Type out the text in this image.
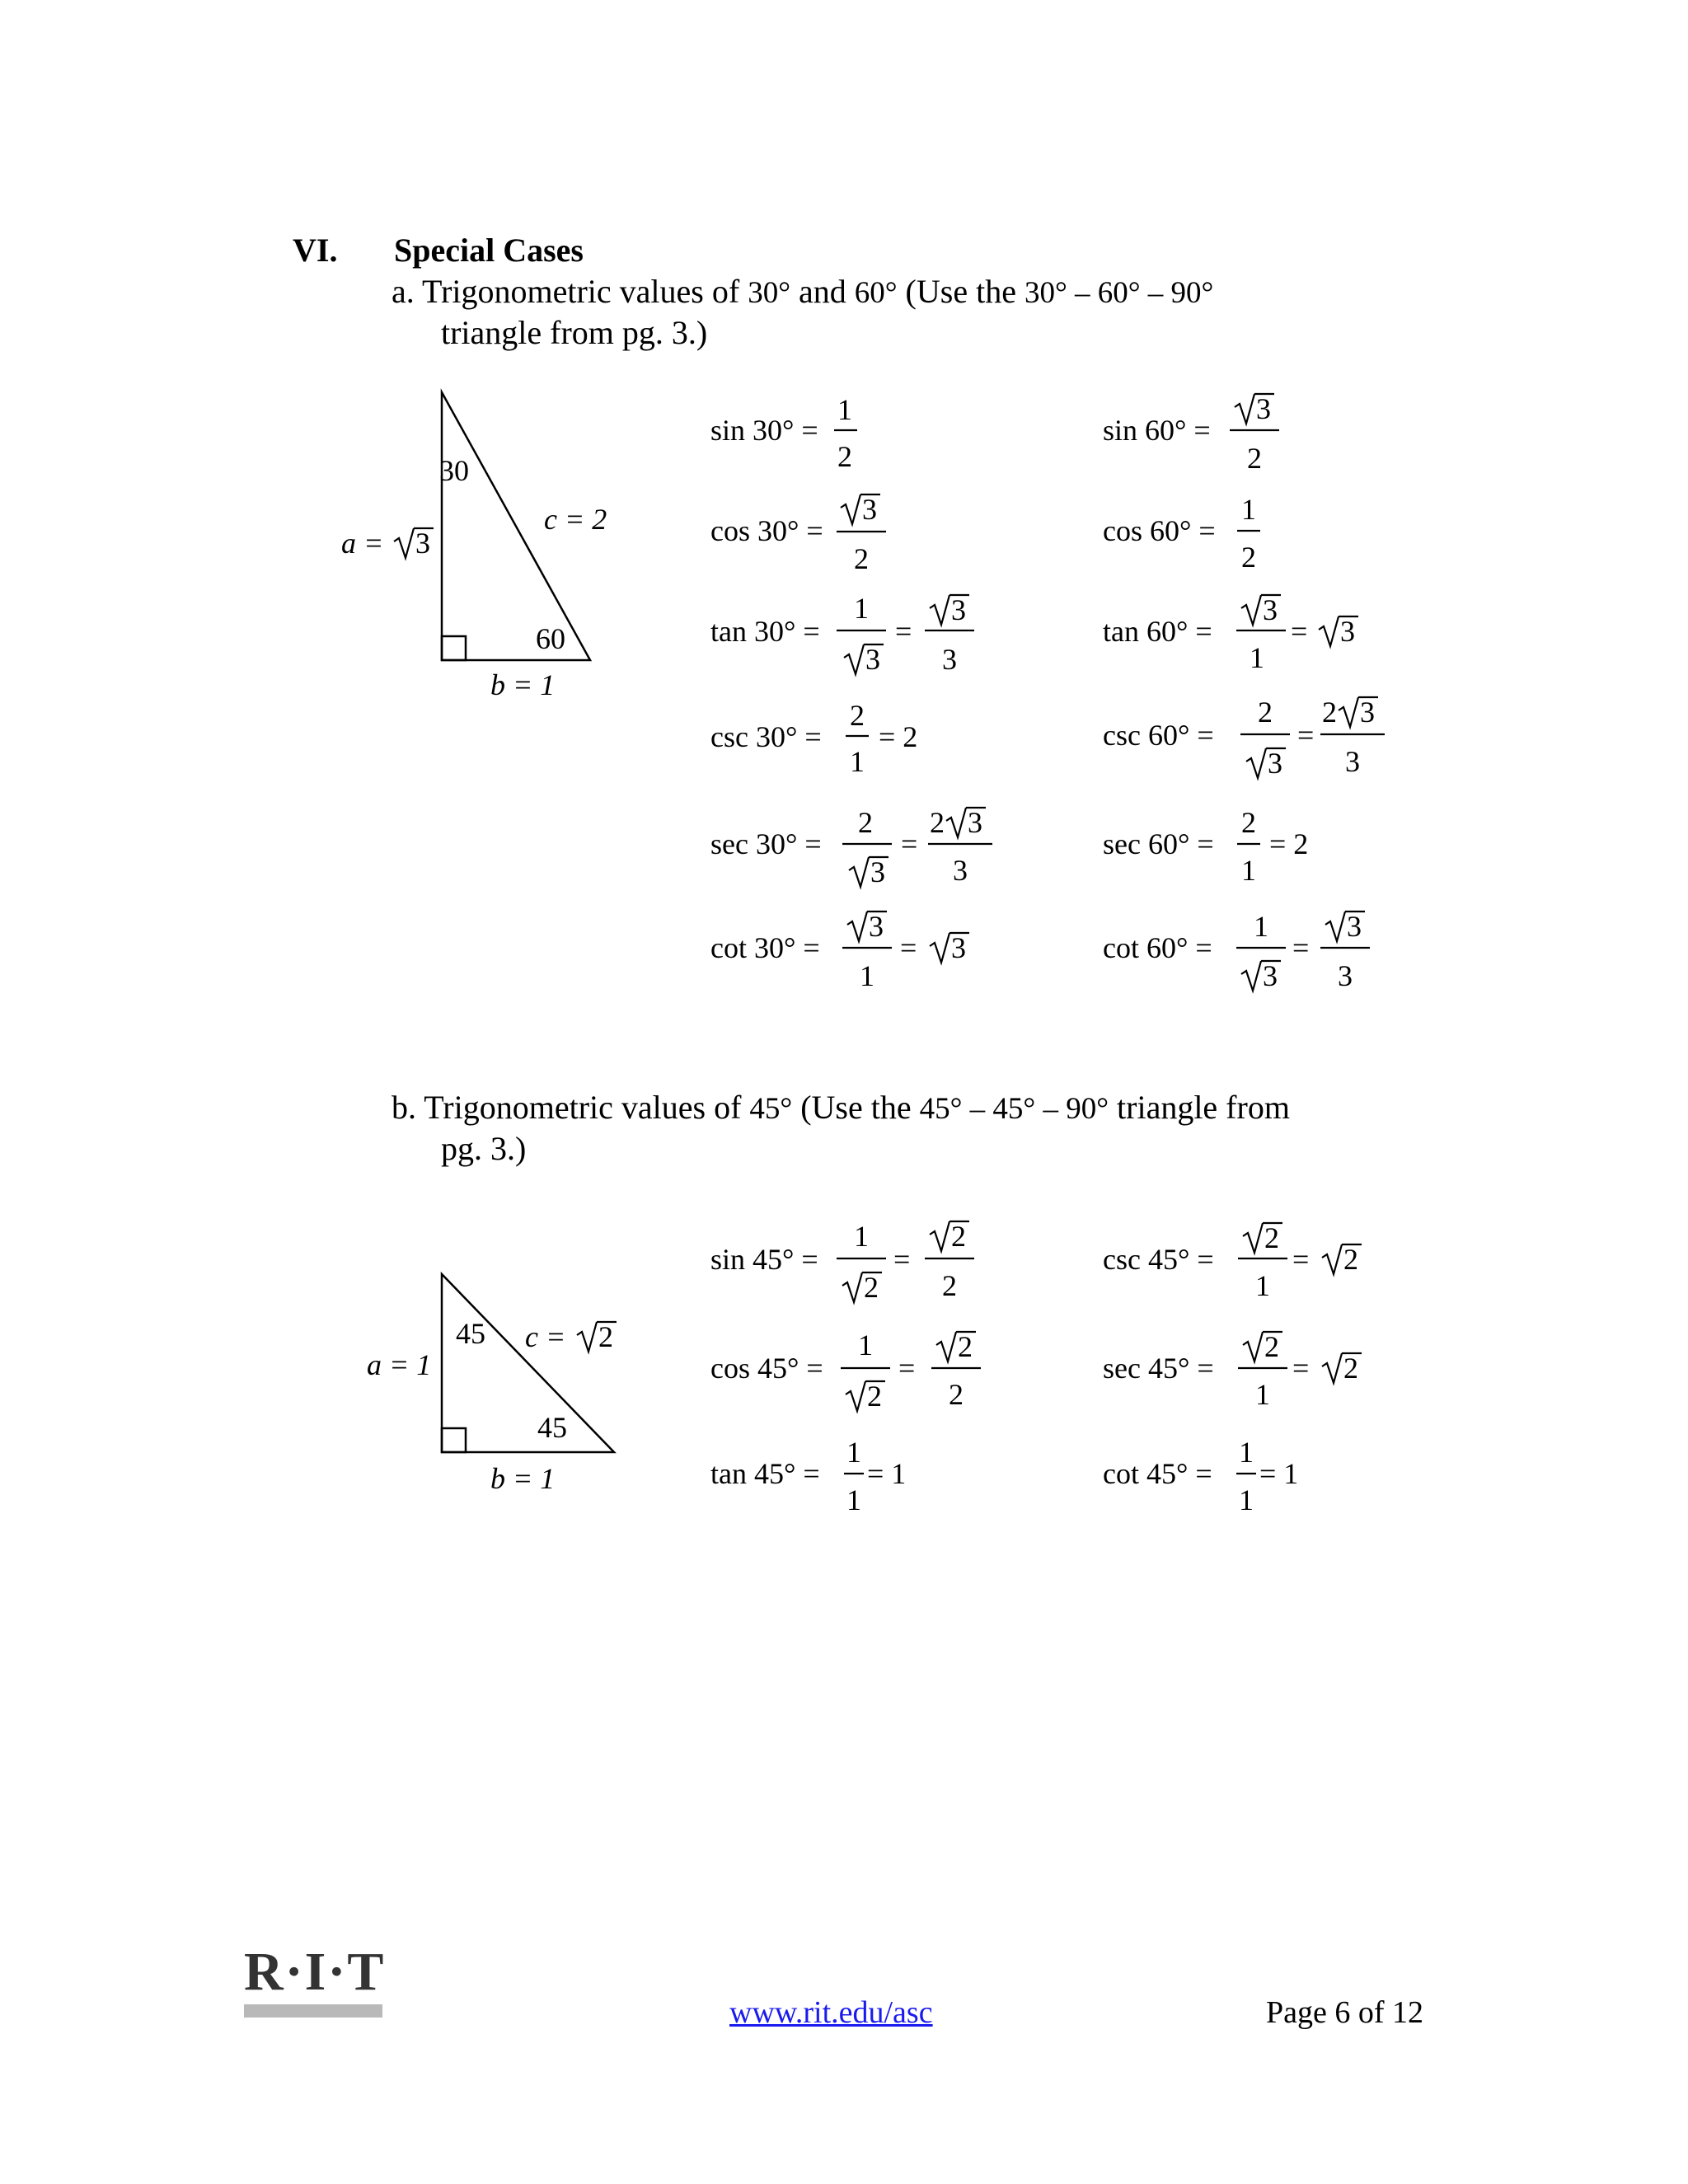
VI. Special Cases
a. Trigonometric values of 30° and 60° (Use the 30° – 60° – 90°
triangle from pg. 3.)
b. Trigonometric values of 45° (Use the 45° – 45° – 90° triangle from
pg. 3.)
30
60
c = 2
b = 1
a = 3
sin 30° =
1
2
cos 30° =
3
2
tan 30° =
1
3
=
3
3
csc 30° =
2
1
= 2
sec 30° =
2
3
=
2 3
3
cot 30° =
3
1
= 3
sin 60° =
3
2
cos 60° =
1
2
tan 60° =
3
1
= 3
csc 60° =
2
3
=
2 3
3
sec 60° =
2
1
= 2
cot 60° =
1
3
=
3
3
45
45
a = 1
b = 1
c = 2
sin 45° =
1
2
=
2
2
cos 45° =
1
2
=
2
2
tan 45° =
1
1
= 1
csc 45° =
2
1
= 2
sec 45° =
2
1
= 2
cot 45° =
1
1
= 1
R·I·T
www.rit.edu/asc	Page 6 of 12
